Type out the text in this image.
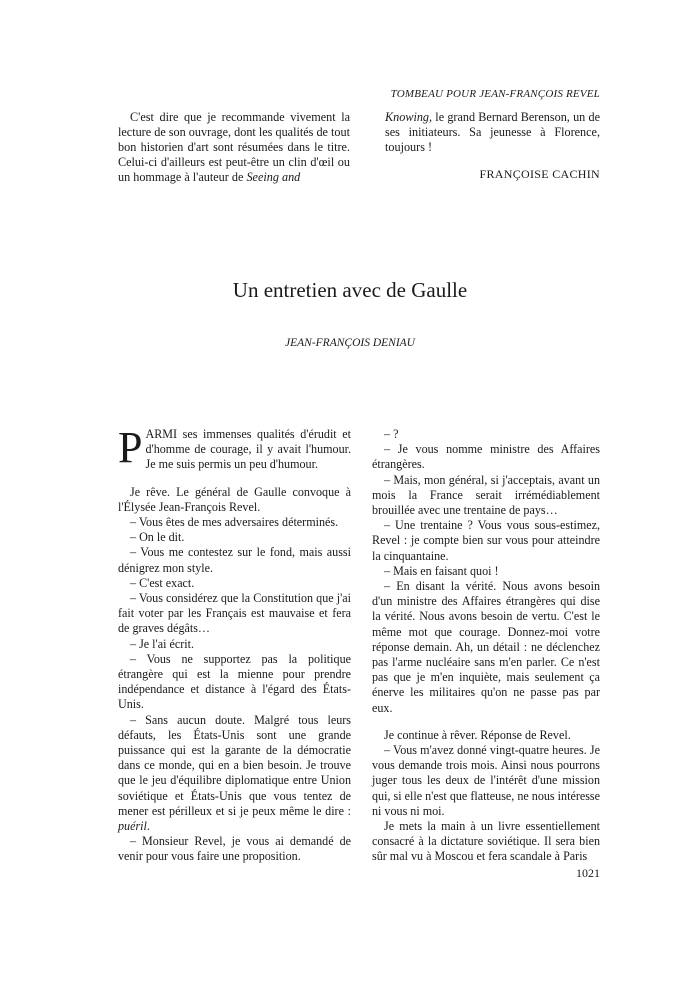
TOMBEAU POUR JEAN-FRANÇOIS REVEL

C'est dire que je recommande vivement la lecture de son ouvrage, dont les qualités de tout bon historien d'art sont résumées dans le titre. Celui-ci d'ailleurs est peut-être un clin d'œil ou un hommage à l'auteur de Seeing and

Knowing, le grand Bernard Berenson, un de ses initiateurs. Sa jeunesse à Florence, toujours !

FRANÇOISE CACHIN

Un entretien avec de Gaulle

JEAN-FRANÇOIS DENIAU

PARMI ses immenses qualités d'érudit et d'homme de courage, il y avait l'humour. Je me suis permis un peu d'humour.

Je rêve. Le général de Gaulle convoque à l'Élysée Jean-François Revel.

– Vous êtes de mes adversaires déterminés.

– On le dit.

– Vous me contestez sur le fond, mais aussi dénigrez mon style.

– C'est exact.

– Vous considérez que la Constitution que j'ai fait voter par les Français est mauvaise et fera de graves dégâts…

– Je l'ai écrit.

– Vous ne supportez pas la politique étrangère qui est la mienne pour prendre indépendance et distance à l'égard des États-Unis.

– Sans aucun doute. Malgré tous leurs défauts, les États-Unis sont une grande puissance qui est la garante de la démocratie dans ce monde, qui en a bien besoin. Je trouve que le jeu d'équilibre diplomatique entre Union soviétique et États-Unis que vous tentez de mener est périlleux et si je peux même le dire : puéril.

– Monsieur Revel, je vous ai demandé de venir pour vous faire une proposition.

– ?

– Je vous nomme ministre des Affaires étrangères.

– Mais, mon général, si j'acceptais, avant un mois la France serait irrémédiablement brouillée avec une trentaine de pays…

– Une trentaine ? Vous vous sous-estimez, Revel : je compte bien sur vous pour atteindre la cinquantaine.

– Mais en faisant quoi !

– En disant la vérité. Nous avons besoin d'un ministre des Affaires étrangères qui dise la vérité. Nous avons besoin de vertu. C'est le même mot que courage. Donnez-moi votre réponse demain. Ah, un détail : ne déclenchez pas l'arme nucléaire sans m'en parler. Ce n'est pas que je m'en inquiète, mais seulement ça énerve les militaires qu'on ne passe pas par eux.

Je continue à rêver. Réponse de Revel.

– Vous m'avez donné vingt-quatre heures. Je vous demande trois mois. Ainsi nous pourrons juger tous les deux de l'intérêt d'une mission qui, si elle n'est que flatteuse, ne nous intéresse ni vous ni moi.

Je mets la main à un livre essentiellement consacré à la dictature soviétique. Il sera bien sûr mal vu à Moscou et fera scandale à Paris

1021
